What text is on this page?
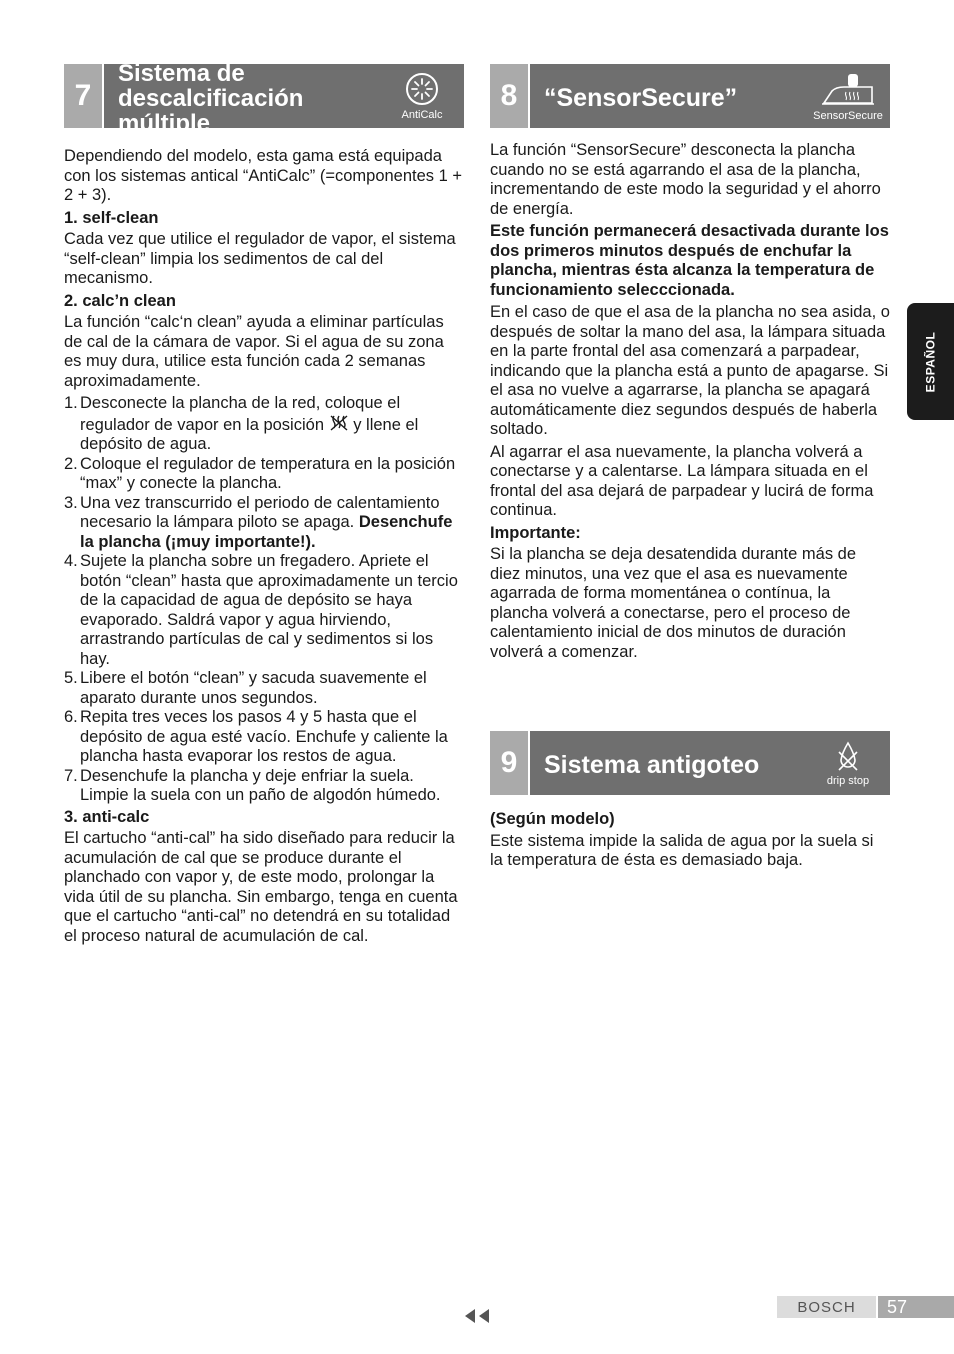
7
Sistema de descalcificación múltiple	AntiCalc

Dependiendo del modelo, esta gama está equipada con los sistemas antical “AntiCalc” (=componentes 1 + 2 + 3).

1. self-clean

Cada vez que utilice el regulador de vapor, el sistema “self-clean” limpia los sedimentos de cal del mecanismo.

2. calc’n clean

La función “calc‘n clean” ayuda a eliminar partículas de cal de la cámara de vapor. Si el agua de su zona es muy dura, utilice esta función cada 2 semanas aproximadamente.

1. Desconecte la plancha de la red, coloque el regulador de vapor en la posición y llene el depósito de agua.
2. Coloque el regulador de temperatura en la posición “max” y conecte la plancha.
3. Una vez transcurrido el periodo de calentamiento necesario la lámpara piloto se apaga. Desenchufe la plancha (¡muy importante!).
4. Sujete la plancha sobre un fregadero. Apriete el botón “clean” hasta que aproximadamente un tercio de la capacidad de agua de depósito se haya evaporado. Saldrá vapor y agua hirviendo, arrastrando partículas de cal y sedimentos si los hay.
5. Libere el botón “clean” y sacuda suavemente el aparato durante unos segundos.
6. Repita tres veces los pasos 4 y 5 hasta que el depósito de agua esté vacío. Enchufe y caliente la plancha hasta evaporar los restos de agua.
7. Desenchufe la plancha y deje enfriar la suela. Limpie la suela con un paño de algodón húmedo.
3. anti-calc

El cartucho “anti-cal” ha sido diseñado para reducir la acumulación de cal que se produce durante el planchado con vapor y, de este modo, prolongar la vida útil de su plancha. Sin embargo, tenga en cuenta que el cartucho “anti-cal” no detendrá en su totalidad el proceso natural de acumulación de cal.

8	“SensorSecure”
SensorSecure

La función “SensorSecure” desconecta la plancha cuando no se está agarrando el asa de la plancha, incrementando de este modo la seguridad y el ahorro de energía.

Este función permanecerá desactivada durante los dos primeros minutos después de enchufar la plancha, mientras ésta alcanza la temperatura de funcionamiento selecccionada.

En el caso de que el asa de la plancha no sea asida, o después de soltar la mano del asa, la lámpara situada en la parte frontal del asa comenzará a parpadear, indicando que la plancha está a punto de apagarse. Si el asa no vuelve a agarrarse, la plancha se apagará automáticamente diez segundos después de haberla soltado.

Al agarrar el asa nuevamente, la plancha volverá a conectarse y a calentarse. La lámpara situada en el frontal del asa dejará de parpadear y lucirá de forma continua.

Importante:

Si la plancha se deja desatendida durante más de diez minutos, una vez que el asa es nuevamente agarrada de forma momentánea o contínua, la plancha volverá a conectarse, pero el proceso de calentamiento inicial de dos minutos de duración volverá a comenzar.

9	Sistema antigoteo
drip stop
(Según modelo)

Este sistema impide la salida de agua por la suela si la temperatura de ésta es demasiado baja.

ESPAÑOL
BOSCH	57
